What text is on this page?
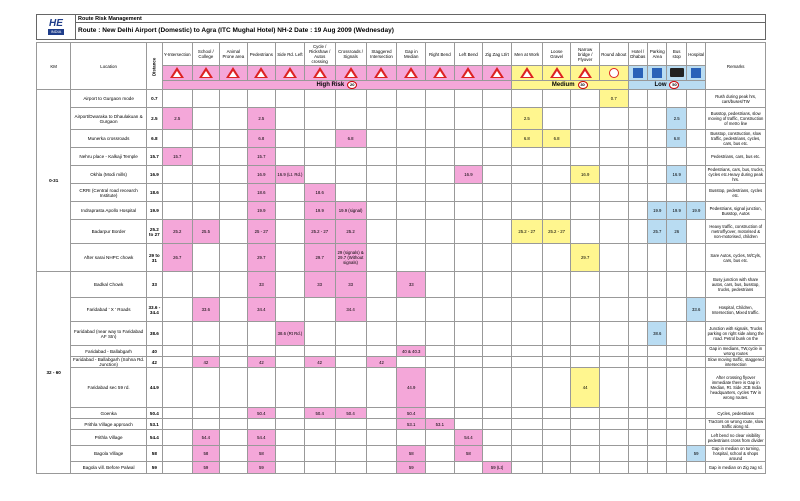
HE
INDIA
Route Risk Management
Route : New Delhi Airport (Domestic) to Agra (ITC Mughal Hotel) NH-2 Date : 19 Aug 2009 (Wednesday)
KM	Location	Distance	Y-Intersection	School / College	Animal Prone area	Pedestrians	Side Rd. Left	Cycle / Rickshaw / Autos crossing	Crossroads / Signals	Staggered Intersection	Gap in Median	Right Bend	Left Bend	Zig Zag Lt/rt	Men at Work	Loose Gravel	Narrow bridge / Flyover	Round about	Hotel / Dhabas	Parking Area	Bus stop	Hospital	Remarks

			High Risk 20												Medium 30				Low 50				
0-31	Airport to Gurgaon mode	0.7																0.7					Rush during peak hrs, cars/buses/TW
	Airport/Dwaraka to Dhaulakuan & Gurgaon	2.5	2.5			2.5									2.5						2.5		Busstop, pedestrians, slow moving of traffic, Construction of metro line
	Munerka crossroads	6.8				6.8			6.8						6.8	6.8					6.8		Busstop, construction, slow traffic, pedestrians, cycles, cars, bus etc.
	Nehru place - Kalkaji Temple	15.7	15.7			15.7																	Pedestrians, cars, bus etc.
	Okhla (Modi mills)	16.9				16.9	16.9 (Lt. Rd.)						16.9				16.9				16.9		Pedestrians, cars, bus, trucks, cycles etc.Heavy during peak hrs.
	CRRI (Central road recearch Institute)	18.6				18.6		18.6															Busstop, pedestrians, cycles etc.
	Indraprasta Apollo Hospital	19.9				19.9		19.9	19.9 (signal)											19.9	19.9	19.9	Pedestrians, signal junction, Busstop, Autos
	Badarpur Border	25.2 to 27	25.2	25.5		25 - 27		25.2 - 27	25.2						25.2 - 27	25.2 - 27				25.7	26		Heavy traffic, construction of metro/flyover, motorised & non-motorised, children
	After sarai NHPC chowk	29 to 31	26.7			29.7		29.7	29 (signals) & 29.7 (Without signals)								29.7						Sare Autos, cycles, M/Cyls, cars, bus etc.
32 - 60	Badkal Chowk	33				33		33	33		33												Busy junction with share autos, cars, bus, busstop, trucks, pedestrians
	Faridabad ' X ' Roads	33.6 - 34.4		33.6		34.4			34.4													33.6	Hospital, Children, Intersection, Mixed traffic.
	Faridabad (near way to Faridabad AF Stn)	38.6					38.6 (Rt Rd.)													38.6			Junction with signals, Trucks parking on right side along the road. Petrol bunk on the
	Faridabad - Ballabgarh	40									40 & 40.3												Gap in medians, TW,cycle in wrong routes
	Faridabad - Ballabgarh (Sohna Rd. Junction)	42		42		42		42		42													Slow moving traffic, staggered intersection
	Faridabad sec 59 rd.	44.9									44.9						44						After crossing flyover immediate there is Gap in Median, Rt. Side JCB India headquarters, cycles TW in wrong routes.
	Goenka	50.4				50.4		50.4	50.4		50.4												Cycles, pedestrians
	Prithla Village approach	53.1									53.1	53.1											Tractors on wrong route, slow traffic along rd.
	Prithla Village	54.4		54.4		54.4							54.4										Left bend no clear visibility pedestrians cross from divider
	Bagola Village	58		58		58					58		58									59	Gap in median on turning, hospital, school & shops around
	Bagola vill. Before Palwal	59		59		59					59			59 (Lt)									Gap in median on Zig zag rd.
